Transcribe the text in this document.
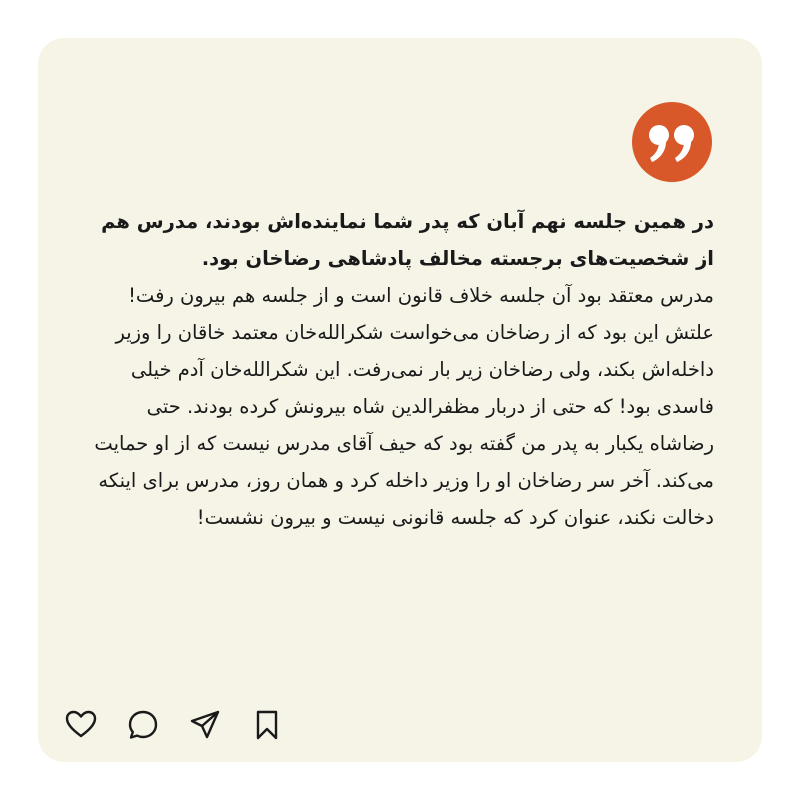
در همین جلسه نهم آبان که پدر شما نماینده‌اش بودند، مدرس هم از شخصیت‌های برجسته مخالف پادشاهی رضاخان بود.

مدرس معتقد بود آن جلسه خلاف قانون است و از جلسه هم بیرون رفت! علتش این بود که از رضاخان می‌خواست شکرالله‌خان معتمد خاقان را وزیر داخله‌اش بکند، ولی رضاخان زیر بار نمی‌رفت. این شکرالله‌خان آدم خیلی فاسدی بود! که حتی از دربار مظفرالدین شاه بیرونش کرده بودند. حتی رضاشاه یکبار به پدر من گفته بود که حیف آقای مدرس نیست که از او حمایت می‌کند. آخر سر رضاخان او را وزیر داخله کرد و همان روز، مدرس برای اینکه دخالت نکند، عنوان کرد که جلسه قانونی نیست و بیرون نشست!
